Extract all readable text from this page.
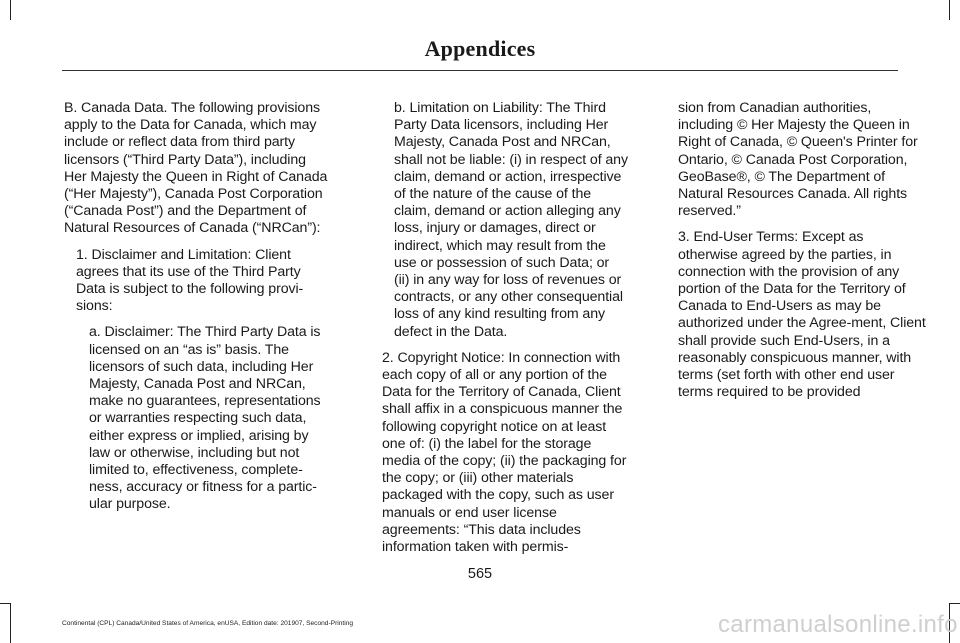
Appendices

B. Canada Data. The following provisions apply to the Data for Canada, which may include or reflect data from third party licensors (“Third Party Data”), including Her Majesty the Queen in Right of Canada (“Her Majesty”), Canada Post Corporation (“Canada Post”) and the Department of Natural Resources of Canada (“NRCan”):

1. Disclaimer and Limitation: Client agrees that its use of the Third Party Data is subject to the following provi-sions:

a. Disclaimer: The Third Party Data is licensed on an “as is” basis. The licensors of such data, including Her Majesty, Canada Post and NRCan, make no guarantees, representations or warranties respecting such data, either express or implied, arising by law or otherwise, including but not limited to, effectiveness, complete-ness, accuracy or fitness for a partic-ular purpose.

b. Limitation on Liability: The Third Party Data licensors, including Her Majesty, Canada Post and NRCan, shall not be liable: (i) in respect of any claim, demand or action, irrespective of the nature of the cause of the claim, demand or action alleging any loss, injury or damages, direct or indirect, which may result from the use or possession of such Data; or (ii) in any way for loss of revenues or contracts, or any other consequential loss of any kind resulting from any defect in the Data.

2. Copyright Notice: In connection with each copy of all or any portion of the Data for the Territory of Canada, Client shall affix in a conspicuous manner the following copyright notice on at least one of: (i) the label for the storage media of the copy; (ii) the packaging for the copy; or (iii) other materials packaged with the copy, such as user manuals or end user license agreements: “This data includes information taken with permis-

sion from Canadian authorities, including © Her Majesty the Queen in Right of Canada, © Queen's Printer for Ontario, © Canada Post Corporation, GeoBase®, © The Department of Natural Resources Canada. All rights reserved.”

3. End-User Terms: Except as otherwise agreed by the parties, in connection with the provision of any portion of the Data for the Territory of Canada to End-Users as may be authorized under the Agree-ment, Client shall provide such End-Users, in a reasonably conspicuous manner, with terms (set forth with other end user terms required to be provided

565

Continental (CPL) Canada/United States of America, enUSA, Edition date: 201907, Second-Printing	carmanualsonline.info
